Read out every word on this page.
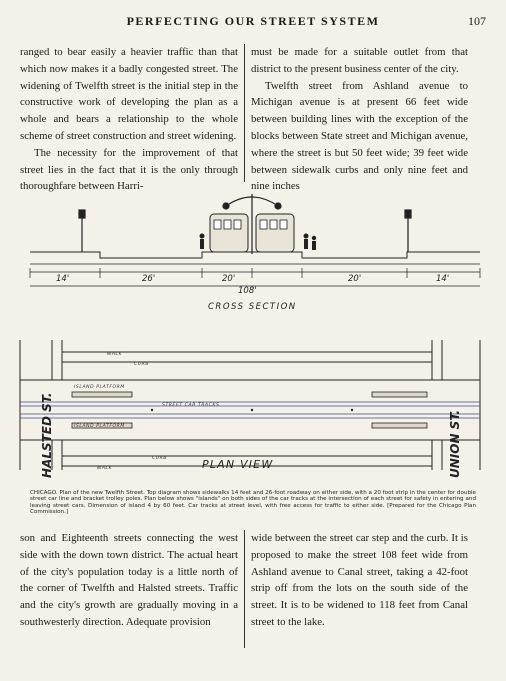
PERFECTING OUR STREET SYSTEM	107

ranged to bear easily a heavier traffic than that which now makes it a badly congested street. The widening of Twelfth street is the initial step in the constructive work of developing the plan as a whole and bears a relationship to the whole scheme of street construction and street widening.

The necessity for the improvement of that street lies in the fact that it is the only through thoroughfare between Harri-

must be made for a suitable outlet from that district to the present business center of the city.

Twelfth street from Ashland avenue to Michigan avenue is at present 66 feet wide between building lines with the exception of the blocks between State street and Michigan avenue, where the street is but 50 feet wide; 39 feet wide between sidewalk curbs and only nine feet and nine inches

14'	26'	20'	20'	14'
108'
CROSS SECTION
WALK
CURB
ISLAND PLATFORM
STREET CAR TRACKS
ISLAND PLATFORM
CURB
WALK
HALSTED ST.	UNION ST.
PLAN VIEW
CHICAGO. Plan of the new Twelfth Street. Top diagram shows sidewalks 14 feet and 26-foot roadway on either side, with a 20 foot strip in the center for double street car line and bracket trolley poles. Plan below shows "islands" on both sides of the car tracks at the intersection of each street for safety in entering and leaving street cars. Dimension of island 4 by 60 feet. Car tracks at street level, with free access for traffic to either side. [Prepared for the Chicago Plan Commission.]

son and Eighteenth streets connecting the west side with the down town district. The actual heart of the city's population today is a little north of the corner of Twelfth and Halsted streets. Traffic and the city's growth are gradually moving in a southwesterly direction. Adequate provision

wide between the street car step and the curb. It is proposed to make the street 108 feet wide from Ashland avenue to Canal street, taking a 42-foot strip off from the lots on the south side of the street. It is to be widened to 118 feet from Canal street to the lake.
